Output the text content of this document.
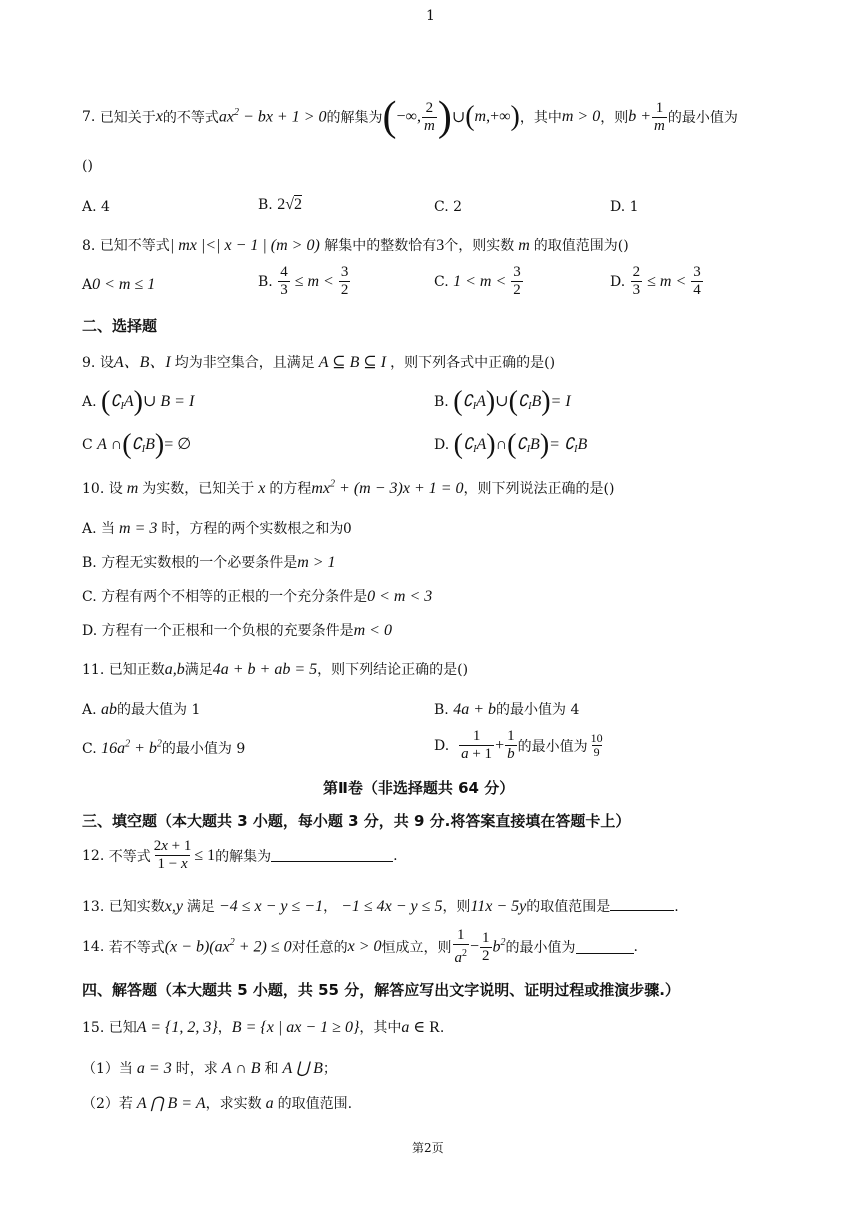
1
7.
已知关于 x 的不等式 $ax^2$ − bx + 1 > 0 的解集为 ( −∞, $\frac{2}{m}$ ) ∪ ( m ,+∞ ) ，其中 m > 0 ，则 $b + \frac{1}{m}$ 的最小值为
()
A. 4	B. 2√2	C. 2	D. 1
8. 已知不等式| mx |<| x − 1 | (m > 0) 解集中的整数恰有3个，则实数 m 的取值范围为()
A0 < m ≤ 1	B.
$\frac{4}{3} \le m < \frac{3}{2}$	C.
$1 < m < \frac{3}{2}$	D.
$\frac{2}{3} \le m < \frac{3}{4}$
二、选择题
9. 设A、B、I 均为非空集合，且满足 A ⊆ B ⊆ I ，则下列各式中正确的是()
A. $(∁_IA)\cup$ B = I	B. $(∁_IA)\cup(∁_IB)= I$
C A $\cap(∁_IB)=$ ∅	D. $(∁_IA)\cap(∁_IB)=$ $∁_IB$
10. 设 m 为实数，已知关于 x 的方程$mx^2 + (m - 3)x + 1 = 0$，则下列说法正确的是()
A. 当 m = 3 时，方程的两个实数根之和为0
B. 方程无实数根的一个必要条件是m > 1
C. 方程有两个不相等的正根的一个充分条件是0 < m < 3
D. 方程有一个正根和一个负根的充要条件是m < 0
11. 已知正数a,b满足4a + b + ab = 5，则下列结论正确的是()
A. ab的最大值为 1	B. 4a + b的最小值为 4
C. $16a^2 + b^2$的最小值为 9	D.
$\frac{1}{a + 1} + \frac{1}{b}$ 的最小值为 $\frac{10}{9}$
第Ⅱ卷（非选择题共 64 分）
三、填空题（本大题共 3 小题，每小题 3 分，共 9 分.将答案直接填在答题卡上）
12.
不等式 $\frac{2x + 1}{1 - x} \le 1$ 的解集为	.
13. 已知实数x,y 满足 −4 ≤ x − y ≤ −1， −1 ≤ 4x − y ≤ 5，则11x − 5y的取值范围是	.
14.
若不等式 $(x - b)(ax^2 + 2) \le 0$ 对任意的 x > 0 恒成立，则 $\frac{1}{a^2} - \frac{1}{2} b^2$ 的最小值为	.
四、解答题（本大题共 5 小题，共 55 分，解答应写出文字说明、证明过程或推演步骤.）
15. 已知A = {1, 2, 3}，B = {x | ax − 1 ≥ 0}，其中a ∈ R.
（1）当 a = 3 时，求 A ∩ B 和 A ⋃ B；
（2）若 A ⋂ B = A，求实数 a 的取值范围.
第2页
